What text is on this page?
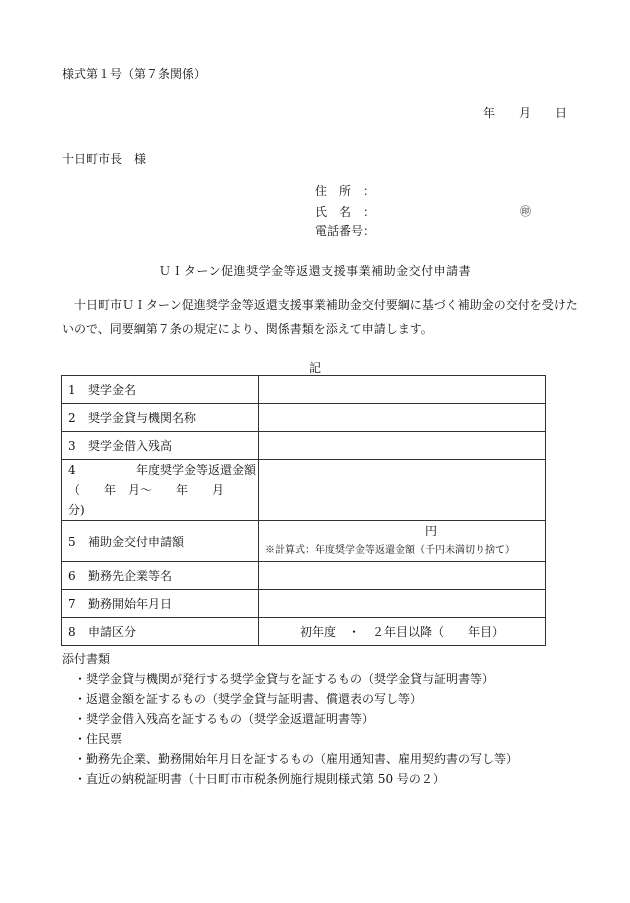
様式第１号（第７条関係）
年 月 日
十日町市長　様
住所：
氏名：	㊞
電話番号：
ＵＩターン促進奨学金等返還支援事業補助金交付申請書
十日町市ＵＩターン促進奨学金等返還支援事業補助金交付要綱に基づく補助金の交付を受けたいので、同要綱第７条の規定により、関係書類を添えて申請します。
記
1 奨学金名	
2 奨学金貸与機関名称	
3 奨学金借入残高	

4　　　　年度奨学金等返還金額
（　　年　月～　　年　　月
分)	

5 補助金交付申請額	円
※計算式：年度奨学金等返還金額（千円未満切り捨て）

6 勤務先企業等名	
7 勤務開始年月日	
8 申請区分	初年度　・　２年目以降（　　年目）
添付書類
・奨学金貸与機関が発行する奨学金貸与を証するもの（奨学金貸与証明書等）
・返還金額を証するもの（奨学金貸与証明書、償還表の写し等）
・奨学金借入残高を証するもの（奨学金返還証明書等）
・住民票
・勤務先企業、勤務開始年月日を証するもの（雇用通知書、雇用契約書の写し等）
・直近の納税証明書（十日町市市税条例施行規則様式第 50 号の２）
